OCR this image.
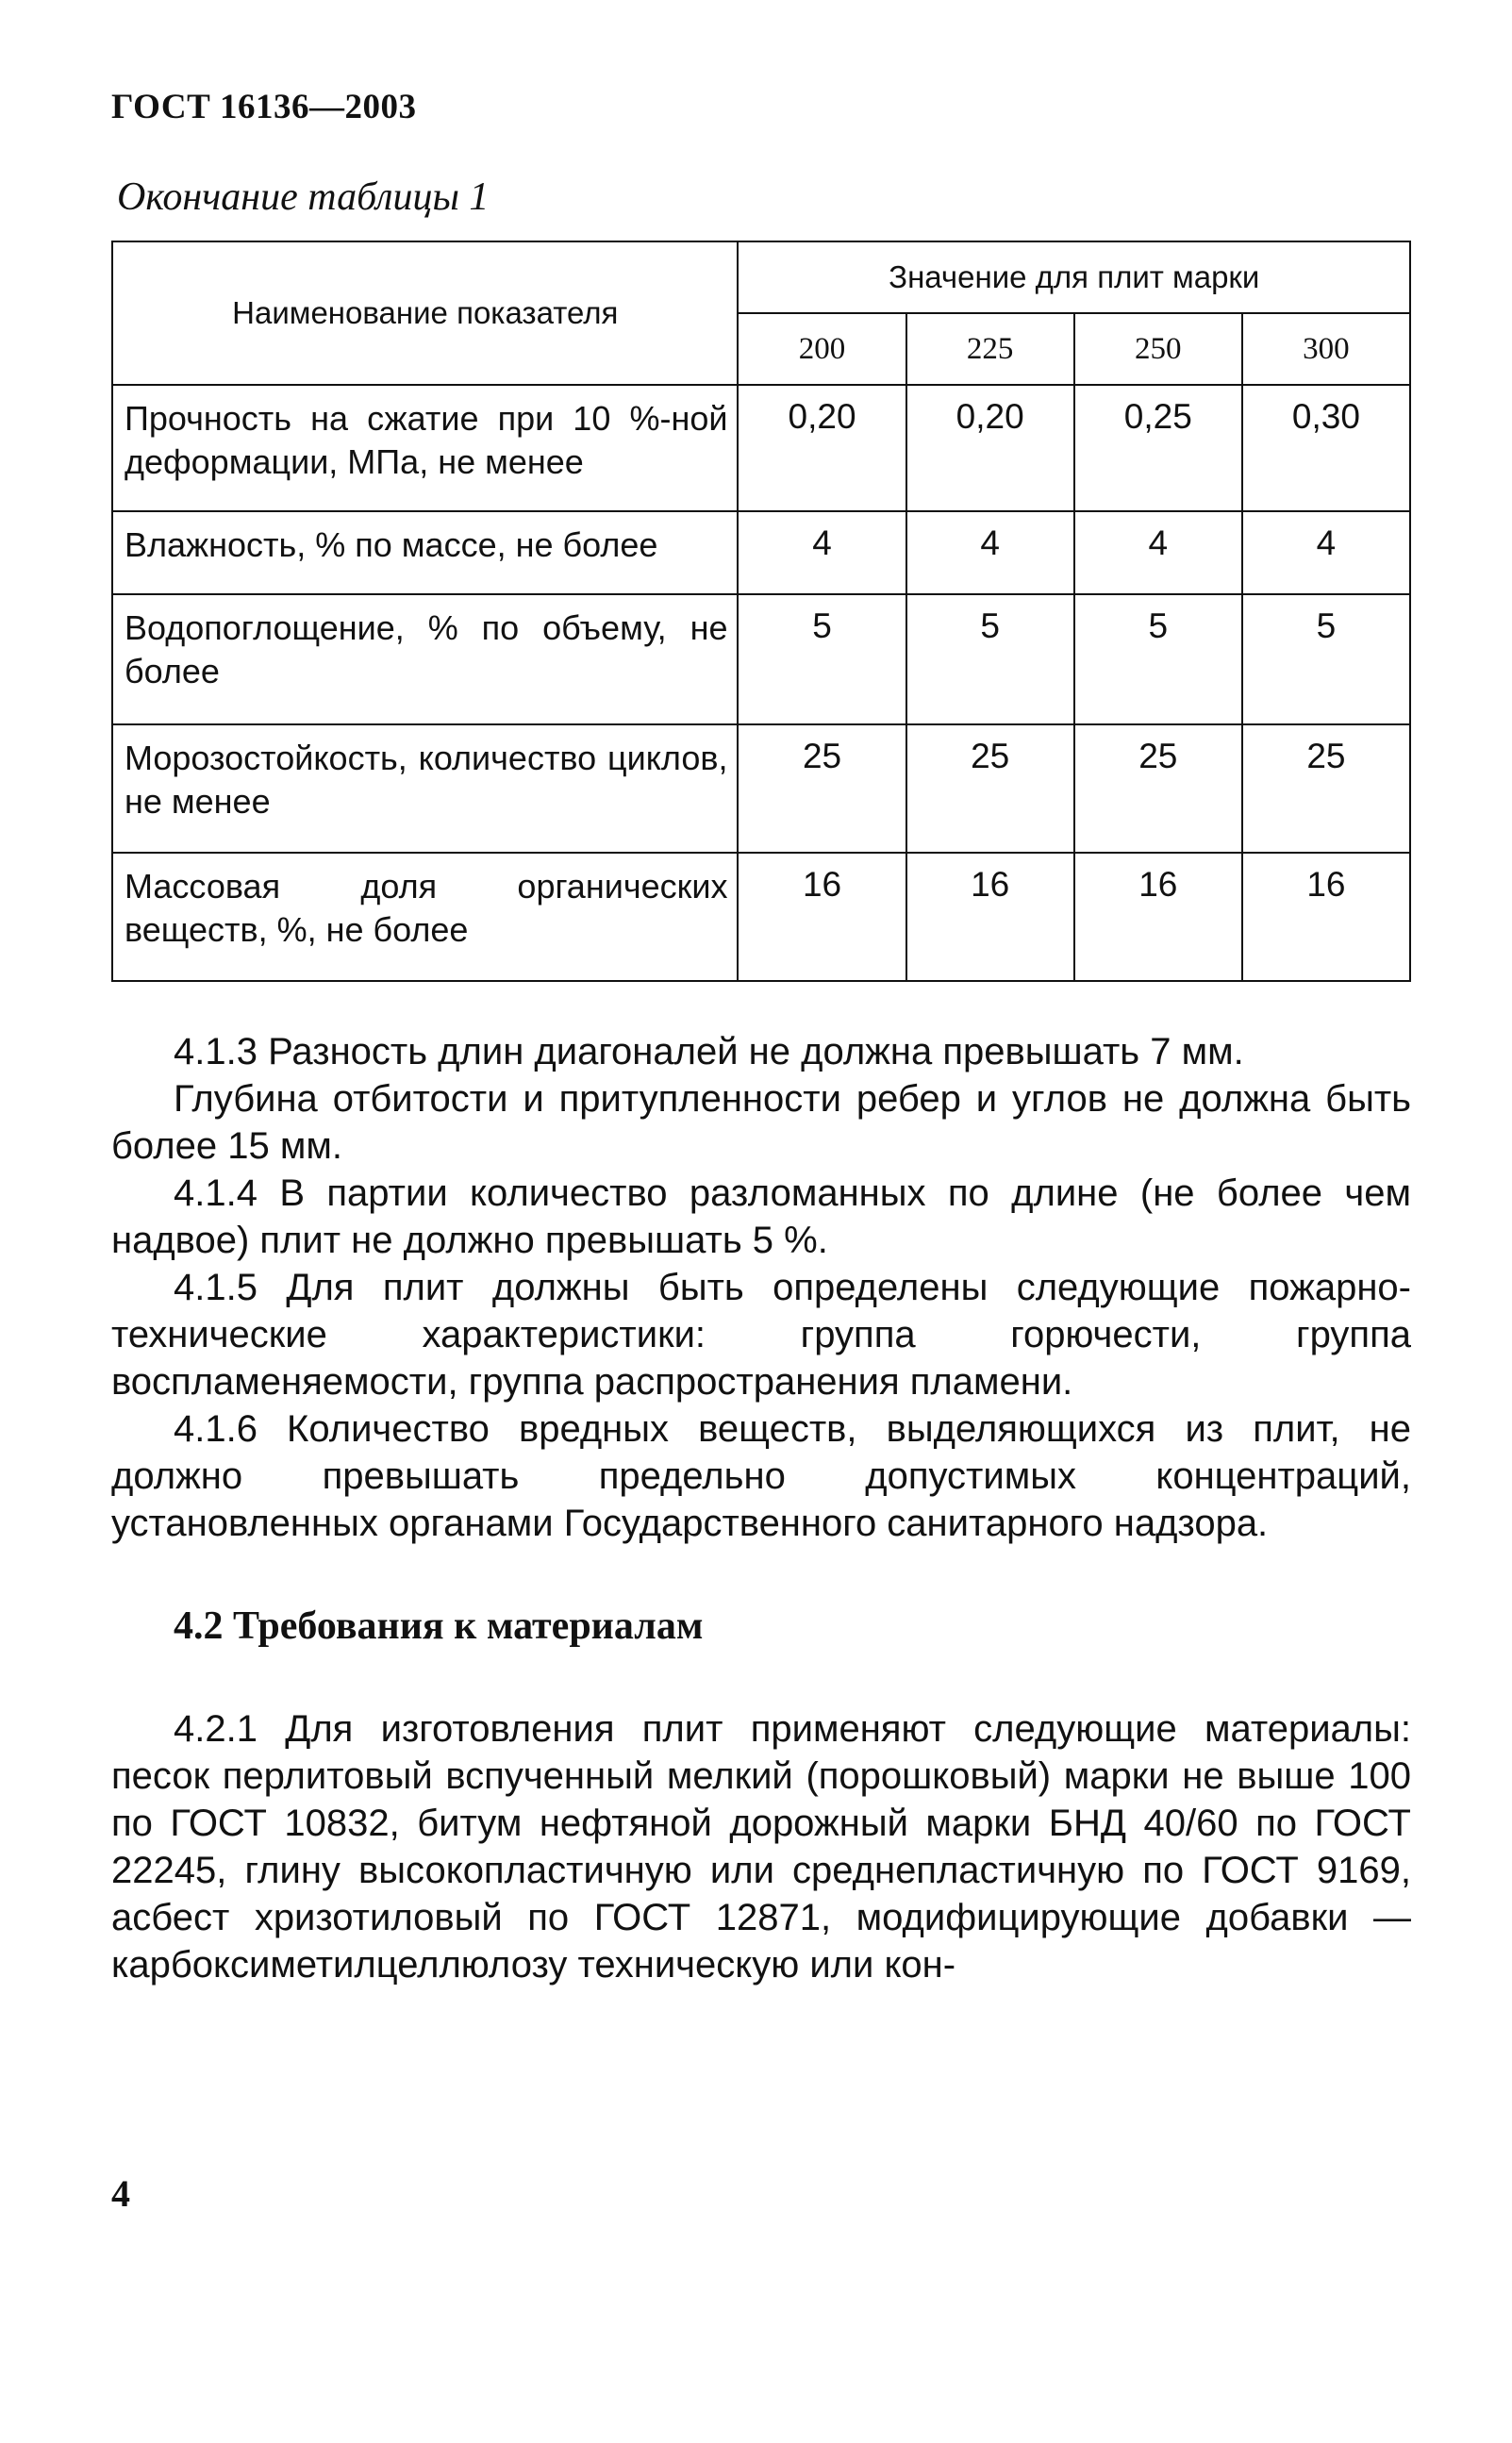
ГОСТ 16136—2003
Окончание таблицы 1
Наименование показателя	Значение для плит марки			
	200	225	250	300
Прочность на сжатие при 10 %-ной деформации, МПа, не менее	0,20	0,20	0,25	0,30
Влажность, % по массе, не более	4	4	4	4
Водопоглощение, % по объему, не более	5	5	5	5
Морозостойкость, количество циклов, не менее	25	25	25	25
Массовая доля органических веществ, %, не более	16	16	16	16

4.1.3 Разность длин диагоналей не должна превышать 7 мм.

Глубина отбитости и притупленности ребер и углов не должна быть более 15 мм.

4.1.4 В партии количество разломанных по длине (не более чем надвое) плит не должно превышать 5 %.

4.1.5 Для плит должны быть определены следующие пожарно-технические характеристики: группа горючести, группа воспламеняемости, группа распространения пламени.

4.1.6 Количество вредных веществ, выделяющихся из плит, не должно превышать предельно допустимых концентраций, установленных органами Государственного санитарного надзора.

4.2 Требования к материалам

4.2.1 Для изготовления плит применяют следующие материалы: песок перлитовый вспученный мелкий (порошковый) марки не выше 100 по ГОСТ 10832, битум нефтяной дорожный марки БНД 40/60 по ГОСТ 22245, глину высокопластичную или среднепластичную по ГОСТ 9169, асбест хризотиловый по ГОСТ 12871, модифицирующие добавки — карбоксиметилцеллюлозу техническую или кон-

4
